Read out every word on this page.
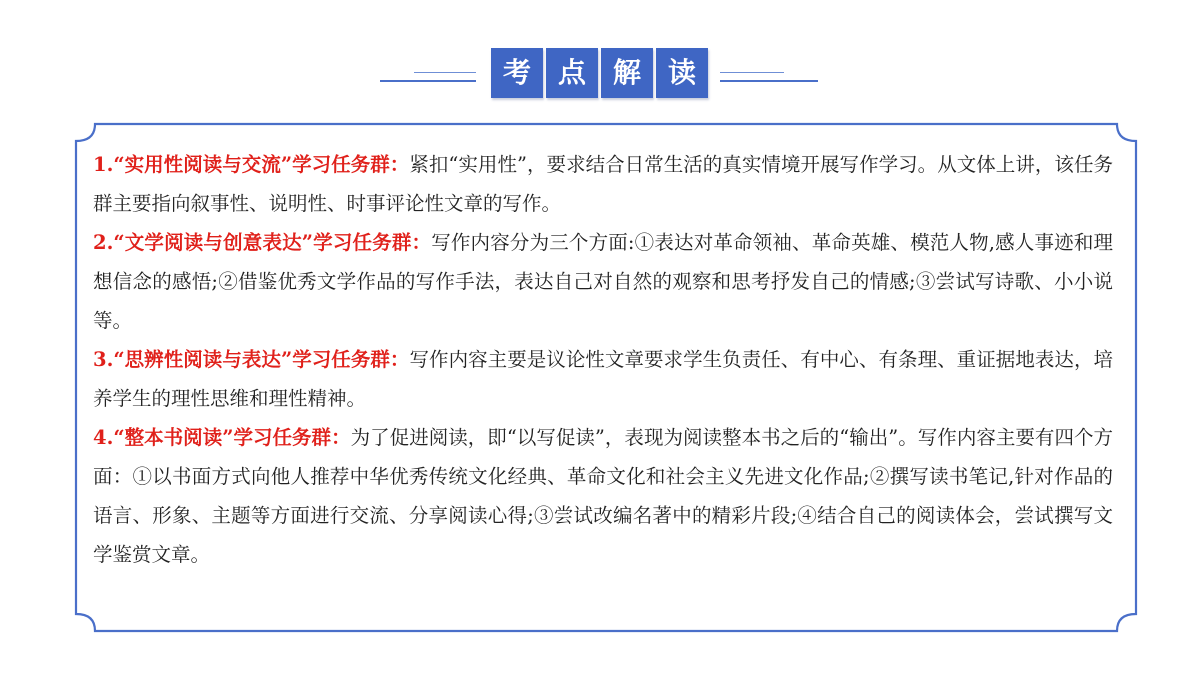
考 点 解 读

1.“实用性阅读与交流”学习任务群：紧扣“实用性”，要求结合日常生活的真实情境开展写作学习。从文体上讲，该任务群主要指向叙事性、说明性、时事评论性文章的写作。

2.“文学阅读与创意表达”学习任务群：写作内容分为三个方面:①表达对革命领袖、革命英雄、模范人物,感人事迹和理想信念的感悟;②借鉴优秀文学作品的写作手法，表达自己对自然的观察和思考抒发自己的情感;③尝试写诗歌、小小说等。

3.“思辨性阅读与表达”学习任务群：写作内容主要是议论性文章要求学生负责任、有中心、有条理、重证据地表达，培养学生的理性思维和理性精神。

4.“整本书阅读”学习任务群：为了促进阅读，即“以写促读”，表现为阅读整本书之后的“输出”。写作内容主要有四个方面：①以书面方式向他人推荐中华优秀传统文化经典、革命文化和社会主义先进文化作品;②撰写读书笔记,针对作品的语言、形象、主题等方面进行交流、分享阅读心得;③尝试改编名著中的精彩片段;④结合自己的阅读体会，尝试撰写文学鉴赏文章。
